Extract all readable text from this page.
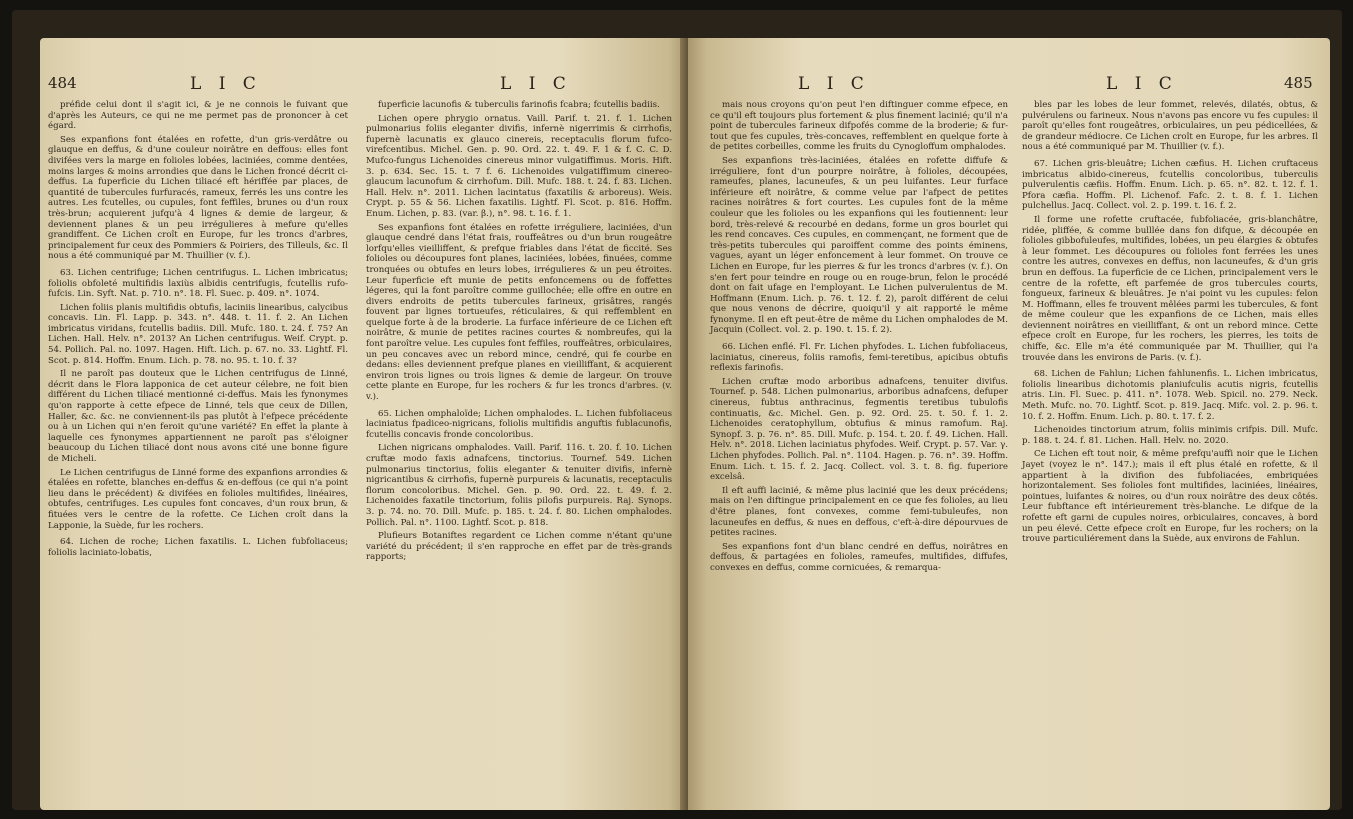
484	L I C	L I C

préfide celui dont il s'agit ici, & je ne connois le fuivant que d'après les Auteurs, ce qui ne me permet pas de prononcer à cet égard.

Ses expanfions font étalées en rofette, d'un gris-verdâtre ou glauque en deffus, & d'une couleur noirâtre en deffous: elles font divifées vers la marge en folioles lobées, laciniées, comme dentées, moins larges & moins arrondies que dans le Lichen froncé décrit ci-deffus. La fuperficie du Lichen tiliacé eft hériffée par places, de quantité de tubercules furfuracés, rameux, ferrés les uns contre les autres. Les fcutelles, ou cupules, font feffiles, brunes ou d'un roux très-brun; acquierent jufqu'à 4 lignes & demie de largeur, & deviennent planes & un peu irrégulieres à mefure qu'elles grandiffent. Ce Lichen croît en Europe, fur les troncs d'arbres, principalement fur ceux des Pommiers & Poiriers, des Tilleuls, &c. Il nous a été communiqué par M. Thuillier (v. f.).

63. Lichen centrifuge; Lichen centrifugus. L. Lichen imbricatus; foliolis obfoleté multifidis laxiùs albidis centrifugis, fcutellis rufo-fufcis. Lin. Syft. Nat. p. 710. n°. 18. Fl. Suec. p. 409. n°. 1074.

Lichen foliis planis multifidis obtufis, laciniis linearibus, calycibus concavis. Lin. Fl. Lapp. p. 343. n°. 448. t. 11. f. 2. An Lichen imbricatus viridans, fcutellis badiis. Dill. Mufc. 180. t. 24. f. 75? An Lichen. Hall. Helv. n°. 2013? An Lichen centrifugus. Weif. Crypt. p. 54. Pollich. Pal. no. 1097. Hagen. Hift. Lich. p. 67. no. 33. Lightf. Fl. Scot. p. 814. Hoffm. Enum. Lich. p. 78. no. 95. t. 10. f. 3?

Il ne paroît pas douteux que le Lichen centrifugus de Linné, décrit dans le Flora lapponica de cet auteur célebre, ne foit bien différent du Lichen tiliacé mentionné ci-deffus. Mais les fynonymes qu'on rapporte à cette efpece de Linné, tels que ceux de Dillen, Haller, &c. &c. ne conviennent-ils pas plutôt à l'efpece précédente ou à un Lichen qui n'en feroit qu'une variété? En effet la plante à laquelle ces fynonymes appartiennent ne paroît pas s'éloigner beaucoup du Lichen tiliacé dont nous avons cité une bonne figure de Micheli.

Le Lichen centrifugus de Linné forme des expanfions arrondies & étalées en rofette, blanches en-deffus & en-deffous (ce qui n'a point lieu dans le précédent) & divifées en folioles multifides, linéaires, obtufes, centrifuges. Les cupules font concaves, d'un roux brun, & fituées vers le centre de la rofette. Ce Lichen croît dans la Lapponie, la Suède, fur les rochers.

64. Lichen de roche; Lichen faxatilis. L. Lichen fubfoliaceus; foliolis laciniato-lobatis,

fuperficie lacunofis & tuberculis farinofis fcabra; fcutellis badiis.

Lichen opere phrygio ornatus. Vaill. Parif. t. 21. f. 1. Lichen pulmonarius foliis eleganter divifis, infernè nigerrimis & cirrhofis, fupernè lacunatis ex glauco cinereis, receptaculis florum fufco-virefcentibus. Michel. Gen. p. 90. Ord. 22. t. 49. F. 1 & f. C. C. D. Mufco-fungus Lichenoides cinereus minor vulgatiffimus. Moris. Hift. 3. p. 634. Sec. 15. t. 7 f. 6. Lichenoides vulgatiffimum cinereo-glaucum lacunofum & cirrhofum. Dill. Mufc. 188. t. 24. f. 83. Lichen. Hall. Helv. n°. 2011. Lichen lacintatus (faxatilis & arboreus). Weis. Crypt. p. 55 & 56. Lichen faxatilis. Lightf. Fl. Scot. p. 816. Hoffm. Enum. Lichen, p. 83. (var. β.), n°. 98. t. 16. f. 1.

Ses expanfions font étalées en rofette irréguliere, laciniées, d'un glauque cendré dans l'état frais, rouffeâtres ou d'un brun rougeâtre lorfqu'elles vieilliffent, & prefque friables dans l'état de ficcité. Ses folioles ou découpures font planes, laciniées, lobées, finuées, comme tronquées ou obtufes en leurs lobes, irrégulieres & un peu étroites. Leur fuperficie eft munie de petits enfoncemens ou de foffettes légeres, qui la font paroître comme guillochée; elle offre en outre en divers endroits de petits tubercules farineux, grisâtres, rangés fouvent par lignes tortueufes, réticulaires, & qui reffemblent en quelque forte à de la broderie. La furface inférieure de ce Lichen eft noirâtre, & munie de petites racines courtes & nombreufes, qui la font paroître velue. Les cupules font feffiles, rouffeâtres, orbiculaires, un peu concaves avec un rebord mince, cendré, qui fe courbe en dedans: elles deviennent prefque planes en vieilliffant, & acquierent environ trois lignes ou trois lignes & demie de largeur. On trouve cette plante en Europe, fur les rochers & fur les troncs d'arbres. (v. v.).

65. Lichen omphaloïde; Lichen omphalodes. L. Lichen fubfoliaceus laciniatus fpadiceo-nigricans, foliolis multifidis anguftis fublacunofis, fcutellis concavis fronde concoloribus.

Lichen nigricans omphalodes. Vaill. Parif. 116. t. 20. f. 10. Lichen cruftæ modo faxis adnafcens, tinctorius. Tournef. 549. Lichen pulmonarius tinctorius, foliis eleganter & tenuiter divifis, infernè nigricantibus & cirrhofis, fupernè purpureis & lacunatis, receptaculis florum concoloribus. Michel. Gen. p. 90. Ord. 22. t. 49. f. 2. Lichenoides faxatile tinctorium, foliis pilofis purpureis. Raj. Synops. 3. p. 74. no. 70. Dill. Mufc. p. 185. t. 24. f. 80. Lichen omphalodes. Pollich. Pal. n°. 1100. Lightf. Scot. p. 818.

Plufieurs Botaniftes regardent ce Lichen comme n'étant qu'une variété du précédent; il s'en rapproche en effet par de très-grands rapports;

L I C	L I C	485

mais nous croyons qu'on peut l'en diftinguer comme efpece, en ce qu'il eft toujours plus fortement & plus finement lacinié; qu'il n'a point de tubercules farineux difpofés comme de la broderie; & fur-tout que fes cupules, très-concaves, reffemblent en quelque forte à de petites corbeilles, comme les fruits du Cynogloffum omphalodes.

Ses expanfions très-laciniées, étalées en rofette diffufe & irréguliere, font d'un pourpre noirâtre, à folioles, découpées, rameufes, planes, lacuneufes, & un peu luifantes. Leur furface inférieure eft noirâtre, & comme velue par l'afpect de petites racines noirâtres & fort courtes. Les cupules font de la même couleur que les folioles ou les expanfions qui les foutiennent: leur bord, très-relevé & recourbé en dedans, forme un gros bourlet qui les rend concaves. Ces cupules, en commençant, ne forment que de très-petits tubercules qui paroiffent comme des points éminens, vagues, ayant un léger enfoncement à leur fommet. On trouve ce Lichen en Europe, fur les pierres & fur les troncs d'arbres (v. f.). On s'en fert pour teindre en rouge ou en rouge-brun, felon le procédé dont on fait ufage en l'employant. Le Lichen pulverulentus de M. Hoffmann (Enum. Lich. p. 76. t. 12. f. 2), paroît différent de celui que nous venons de décrire, quoiqu'il y ait rapporté le même fynonyme. Il en eft peut-être de même du Lichen omphalodes de M. Jacquin (Collect. vol. 2. p. 190. t. 15. f. 2).

66. Lichen enflé. Fl. Fr. Lichen phyfodes. L. Lichen fubfoliaceus, laciniatus, cinereus, foliis ramofis, femi-teretibus, apicibus obtufis reflexis farinofis.

Lichen cruftæ modo arboribus adnafcens, tenuiter divifus. Tournef. p. 548. Lichen pulmonarius, arboribus adnafcens, defuper cinereus, fubtus anthracinus, fegmentis teretibus tubulofis continuatis, &c. Michel. Gen. p. 92. Ord. 25. t. 50. f. 1. 2. Lichenoides ceratophyllum, obtufius & minus ramofum. Raj. Synopf. 3. p. 76. n°. 85. Dill. Mufc. p. 154. t. 20. f. 49. Lichen. Hall. Helv. n°. 2018. Lichen laciniatus phyfodes. Weif. Crypt. p. 57. Var. γ. Lichen phyfodes. Pollich. Pal. n°. 1104. Hagen. p. 76. n°. 39. Hoffm. Enum. Lich. t. 15. f. 2. Jacq. Collect. vol. 3. t. 8. fig. fuperiore excelsâ.

Il eft auffi lacinié, & même plus lacinié que les deux précédens; mais on l'en diftingue principalement en ce que fes folioles, au lieu d'être planes, font convexes, comme femi-tubuleufes, non lacuneufes en deffus, & nues en deffous, c'eft-à-dire dépourvues de petites racines.

Ses expanfions font d'un blanc cendré en deffus, noirâtres en deffous, & partagées en folioles, rameufes, multifides, diffufes, convexes en deffus, comme cornicuées, & remarqua-

bles par les lobes de leur fommet, relevés, dilatés, obtus, & pulvérulens ou farineux. Nous n'avons pas encore vu fes cupules: il paroît qu'elles font rougeâtres, orbiculaires, un peu pédicellées, & de grandeur médiocre. Ce Lichen croît en Europe, fur les arbres. Il nous a été communiqué par M. Thuillier (v. f.).

67. Lichen gris-bleuâtre; Lichen cæfius. H. Lichen cruftaceus imbricatus albido-cinereus, fcutellis concoloribus, tuberculis pulverulentis cæfiis. Hoffm. Enum. Lich. p. 65. n°. 82. t. 12. f. 1. Pfora cæfia. Hoffm. Pl. Lichenof. Fafc. 2. t. 8. f. 1. Lichen pulchellus. Jacq. Collect. vol. 2. p. 199. t. 16. f. 2.

Il forme une rofette cruftacée, fubfoliacée, gris-blanchâtre, ridée, pliffée, & comme bulllée dans fon difque, & découpée en folioles gibbofuleufes, multifides, lobées, un peu élargies & obtufes à leur fommet. Les découpures ou folioles font ferrées les unes contre les autres, convexes en deffus, non lacuneufes, & d'un gris brun en deffous. La fuperficie de ce Lichen, principalement vers le centre de la rofette, eft parfemée de gros tubercules courts, fongueux, farineux & bleuâtres. Je n'ai point vu les cupules: felon M. Hoffmann, elles fe trouvent mêlées parmi les tubercules, & font de même couleur que les expanfions de ce Lichen, mais elles deviennent noirâtres en vieilliffant, & ont un rebord mince. Cette efpece croît en Europe, fur les rochers, les pierres, les toits de chiffe, &c. Elle m'a été communiquée par M. Thuillier, qui l'a trouvée dans les environs de Paris. (v. f.).

68. Lichen de Fahlun; Lichen fahlunenfis. L. Lichen imbricatus, foliolis linearibus dichotomis planiufculis acutis nigris, fcutellis atris. Lin. Fl. Suec. p. 411. n°. 1078. Web. Spicil. no. 279. Neck. Meth. Mufc. no. 70. Lightf. Scot. p. 819. Jacq. Mifc. vol. 2. p. 96. t. 10. f. 2. Hoffm. Enum. Lich. p. 80. t. 17. f. 2.

Lichenoides tinctorium atrum, foliis minimis crifpis. Dill. Mufc. p. 188. t. 24. f. 81. Lichen. Hall. Helv. no. 2020.

Ce Lichen eft tout noir, & même prefqu'auffi noir que le Lichen Jayet (voyez le n°. 147.); mais il eft plus étalé en rofette, & il appartient à la divifion des fubfoliacées, embriquées horizontalement. Ses folioles font multifides, laciniées, linéaires, pointues, luifantes & noires, ou d'un roux noirâtre des deux côtés. Leur fubftance eft intérieurement très-blanche. Le difque de la rofette eft garni de cupules noires, orbiculaires, concaves, à bord un peu élevé. Cette efpece croît en Europe, fur les rochers; on la trouve particuliérement dans la Suède, aux environs de Fahlun.
